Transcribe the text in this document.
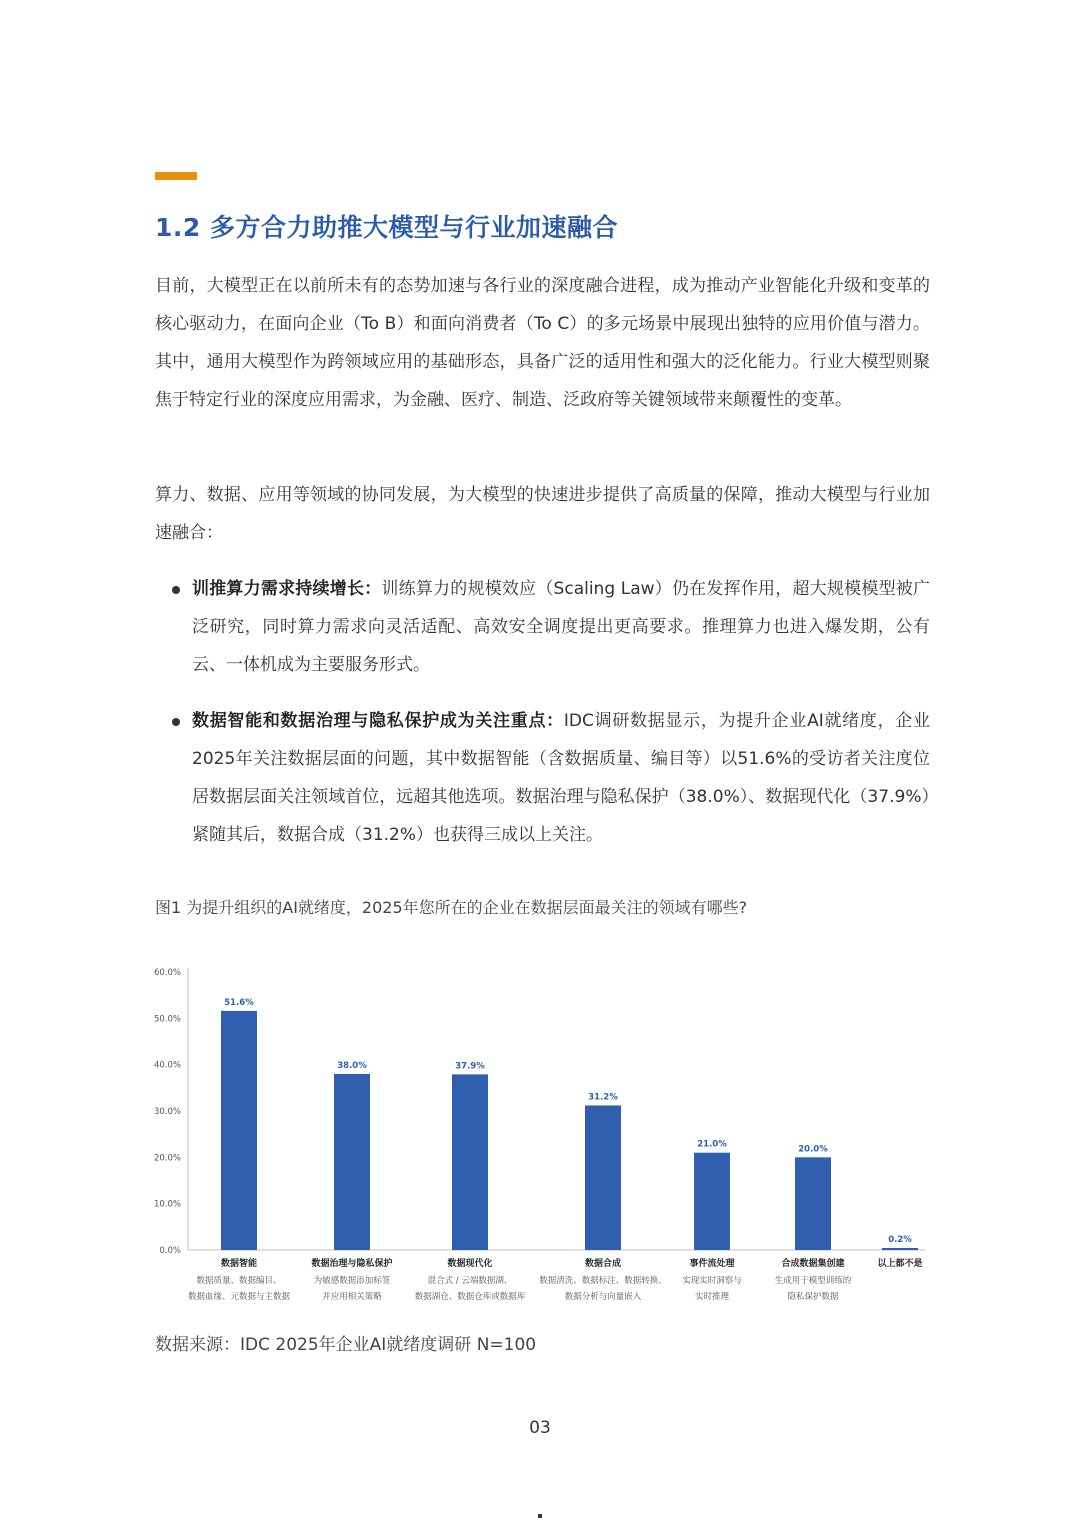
1.2 多方合力助推大模型与行业加速融合

目前，大模型正在以前所未有的态势加速与各行业的深度融合进程，成为推动产业智能化升级和变革的核心驱动力，在面向企业（To B）和面向消费者（To C）的多元场景中展现出独特的应用价值与潜力。其中，通用大模型作为跨领域应用的基础形态，具备广泛的适用性和强大的泛化能力。行业大模型则聚焦于特定行业的深度应用需求，为金融、医疗、制造、泛政府等关键领域带来颠覆性的变革。

算力、数据、应用等领域的协同发展，为大模型的快速进步提供了高质量的保障，推动大模型与行业加速融合：

训推算力需求持续增长：训练算力的规模效应（Scaling Law）仍在发挥作用，超大规模模型被广泛研究，同时算力需求向灵活适配、高效安全调度提出更高要求。推理算力也进入爆发期，公有云、一体机成为主要服务形式。

数据智能和数据治理与隐私保护成为关注重点：IDC调研数据显示，为提升企业AI就绪度，企业2025年关注数据层面的问题，其中数据智能（含数据质量、编目等）以51.6%的受访者关注度位居数据层面关注领域首位，远超其他选项。数据治理与隐私保护（38.0%）、数据现代化（37.9%）紧随其后，数据合成（31.2%）也获得三成以上关注。

图1 为提升组织的AI就绪度，2025年您所在的企业在数据层面最关注的领域有哪些?

0.0%
10.0%
20.0%
30.0%
40.0%
50.0%
60.0%
51.6%
数据智能
数据质量、数据编目、
数据血缘、元数据与主数据
38.0%
数据治理与隐私保护
为敏感数据添加标签
并应用相关策略
37.9%
数据现代化
混合式 / 云端数据湖、
数据湖仓、数据仓库或数据库
31.2%
数据合成
数据清洗、数据标注、数据转换、
数据分析与向量嵌入
21.0%
事件流处理
实现实时洞察与
实时推理
20.0%
合成数据集创建
生成用于模型训练的
隐私保护数据
0.2%
以上都不是

数据来源：IDC 2025年企业AI就绪度调研 N=100

03
